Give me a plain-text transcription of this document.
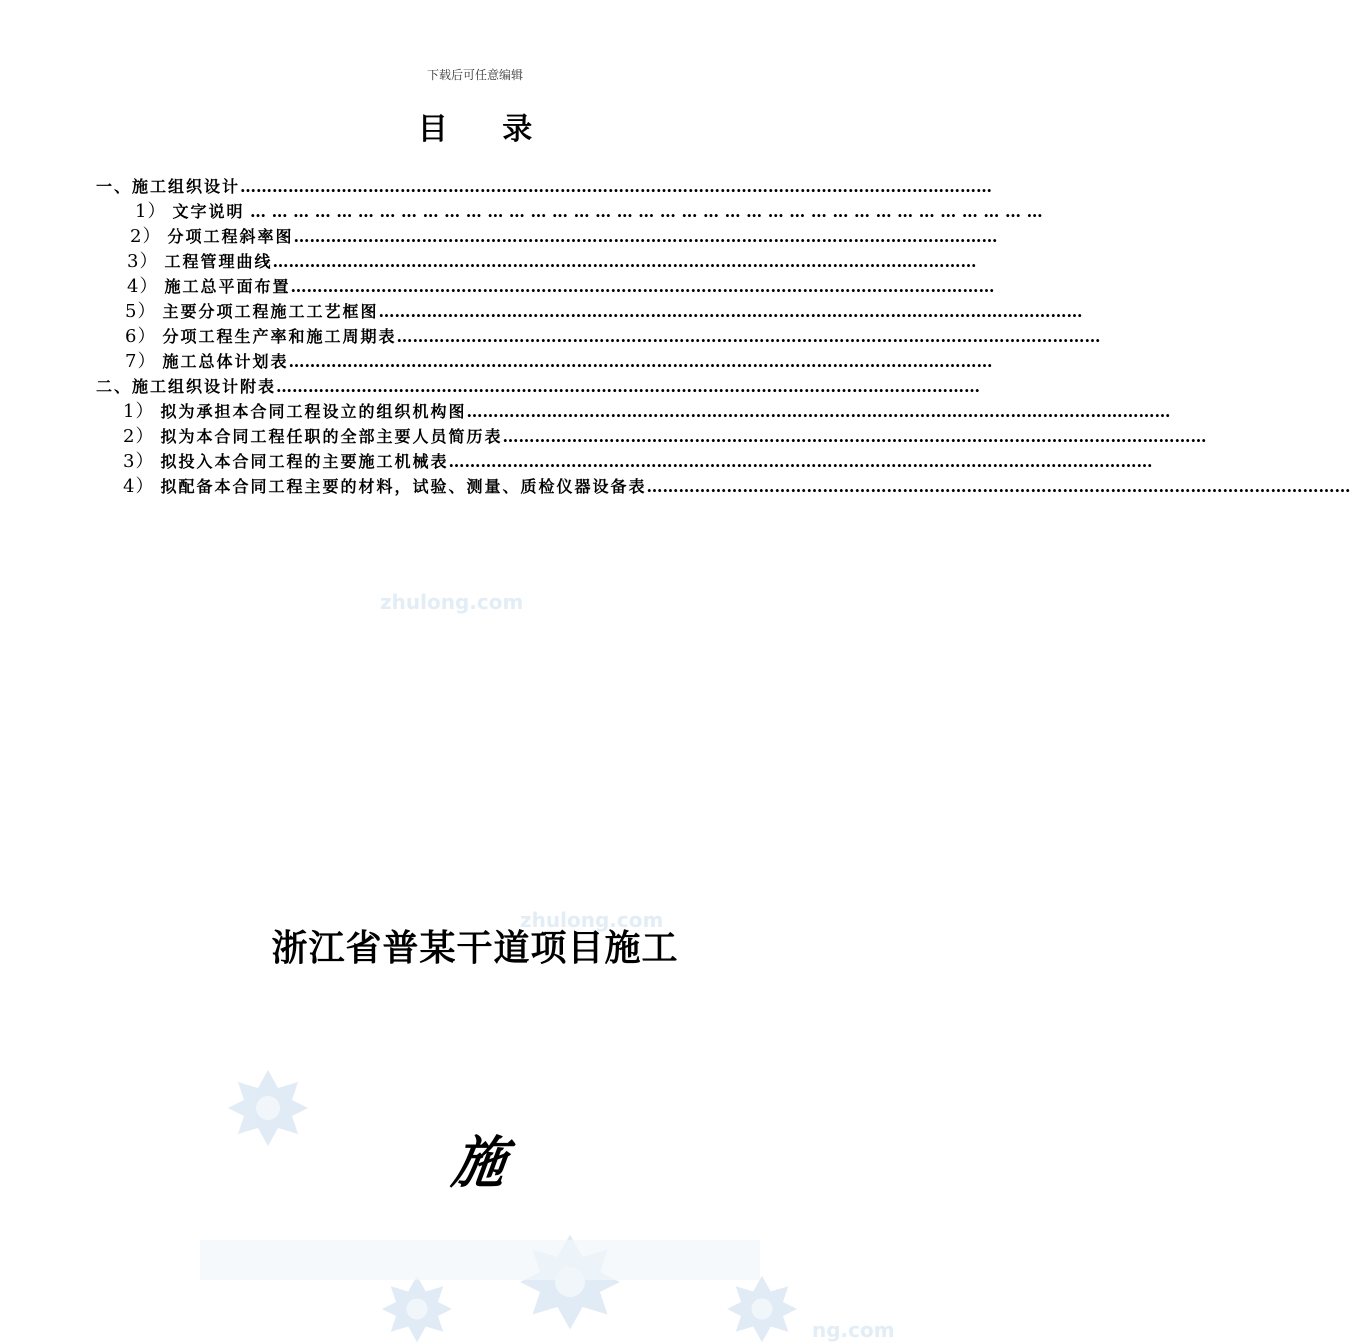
zhulong.com
zhulong.com
ng.com
下载后可任意编辑
目 录
一、施工组织设计……………………………………………………………………………………………………………………………
1） 文字说明 … … … … … … … … … … … … … … … … … … … … … … … … … … … … … … … … … … … … …
2） 分项工程斜率图……………………………………………………………………………………………………………………
3） 工程管理曲线……………………………………………………………………………………………………………………
4） 施工总平面布置……………………………………………………………………………………………………………………
5） 主要分项工程施工工艺框图……………………………………………………………………………………………………………………
6） 分项工程生产率和施工周期表……………………………………………………………………………………………………………………
7） 施工总体计划表……………………………………………………………………………………………………………………
二、施工组织设计附表……………………………………………………………………………………………………………………
1） 拟为承担本合同工程设立的组织机构图……………………………………………………………………………………………………………………
2） 拟为本合同工程任职的全部主要人员简历表……………………………………………………………………………………………………………………
3） 拟投入本合同工程的主要施工机械表……………………………………………………………………………………………………………………
4） 拟配备本合同工程主要的材料，试验、测量、质检仪器设备表……………………………………………………………………………………………………………………
浙江省普某干道项目施工
施
